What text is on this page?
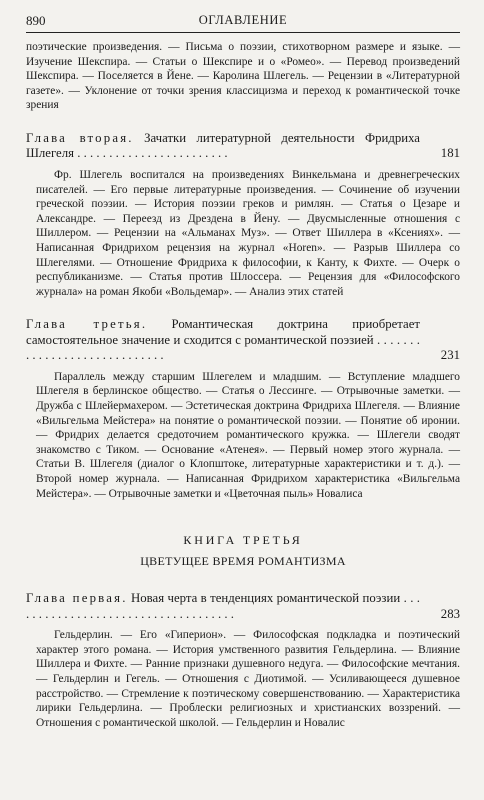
890	ОГЛАВЛЕНИЕ

поэтические произведения. — Письма о поэзии, стихотворном размере и языке. — Изучение Шекспира. — Статьи о Шекспире и о «Ромео». — Перевод произведений Шекспира. — Поселяется в Йене. — Каролина Шлегель. — Рецензии в «Литературной газете». — Уклонение от точки зрения классицизма и переход к романтической точке зрения

Глава вторая. Зачатки литературной деятельности Фридриха Шлегеля . . . . . . . . . . . . . . . . . . . . . . . .	181

Фр. Шлегель воспитался на произведениях Винкельмана и древнегреческих писателей. — Его первые литературные произведения. — Сочинение об изучении греческой поэзии. — История поэзии греков и римлян. — Статья о Цезаре и Александре. — Переезд из Дрездена в Йену. — Двусмысленные отношения с Шиллером. — Рецензии на «Альманах Муз». — Ответ Шиллера в «Ксениях». — Написанная Фридрихом рецензия на журнал «Horen». — Разрыв Шиллера со Шлегелями. — Отношение Фридриха к философии, к Канту, к Фихте. — Очерк о республиканизме. — Статья против Шлоссера. — Рецензия для «Философского журнала» на роман Якоби «Вольдемар». — Анализ этих статей

Глава третья. Романтическая доктрина приобретает самостоятельное значение и сходится с романтической поэзией . . . . . . . . . . . . . . . . . . . . . . . . . . . . .	231

Параллель между старшим Шлегелем и младшим. — Вступление младшего Шлегеля в берлинское общество. — Статья о Лессинге. — Отрывочные заметки. — Дружба с Шлейермахером. — Эстетическая доктрина Фридриха Шлегеля. — Влияние «Вильгельма Мейстера» на понятие о романтической поэзии. — Понятие об иронии. — Фридрих делается средоточием романтического кружка. — Шлегели сводят знакомство с Тиком. — Основание «Атенея». — Первый номер этого журнала. — Статьи В. Шлегеля (диалог о Клопштоке, литературные характеристики и т. д.). — Второй номер журнала. — Написанная Фридрихом характеристика «Вильгельма Мейстера». — Отрывочные заметки и «Цветочная пыль» Новалиса

КНИГА ТРЕТЬЯ
ЦВЕТУЩЕЕ ВРЕМЯ РОМАНТИЗМА
Глава первая. Новая черта в тенденциях романтической поэзии . . . . . . . . . . . . . . . . . . . . . . . . . . . . . . . . . . . .	283

Гельдерлин. — Его «Гиперион». — Философская подкладка и поэтический характер этого романа. — История умственного развития Гельдерлина. — Влияние Шиллера и Фихте. — Ранние признаки душевного недуга. — Философские мечтания. — Гельдерлин и Гегель. — Отношения с Диотимой. — Усиливающееся душевное расстройство. — Стремление к поэтическому совершенствованию. — Характеристика лирики Гельдерлина. — Проблески религиозных и христианских воззрений. — Отношения с романтической школой. — Гельдерлин и Новалис
